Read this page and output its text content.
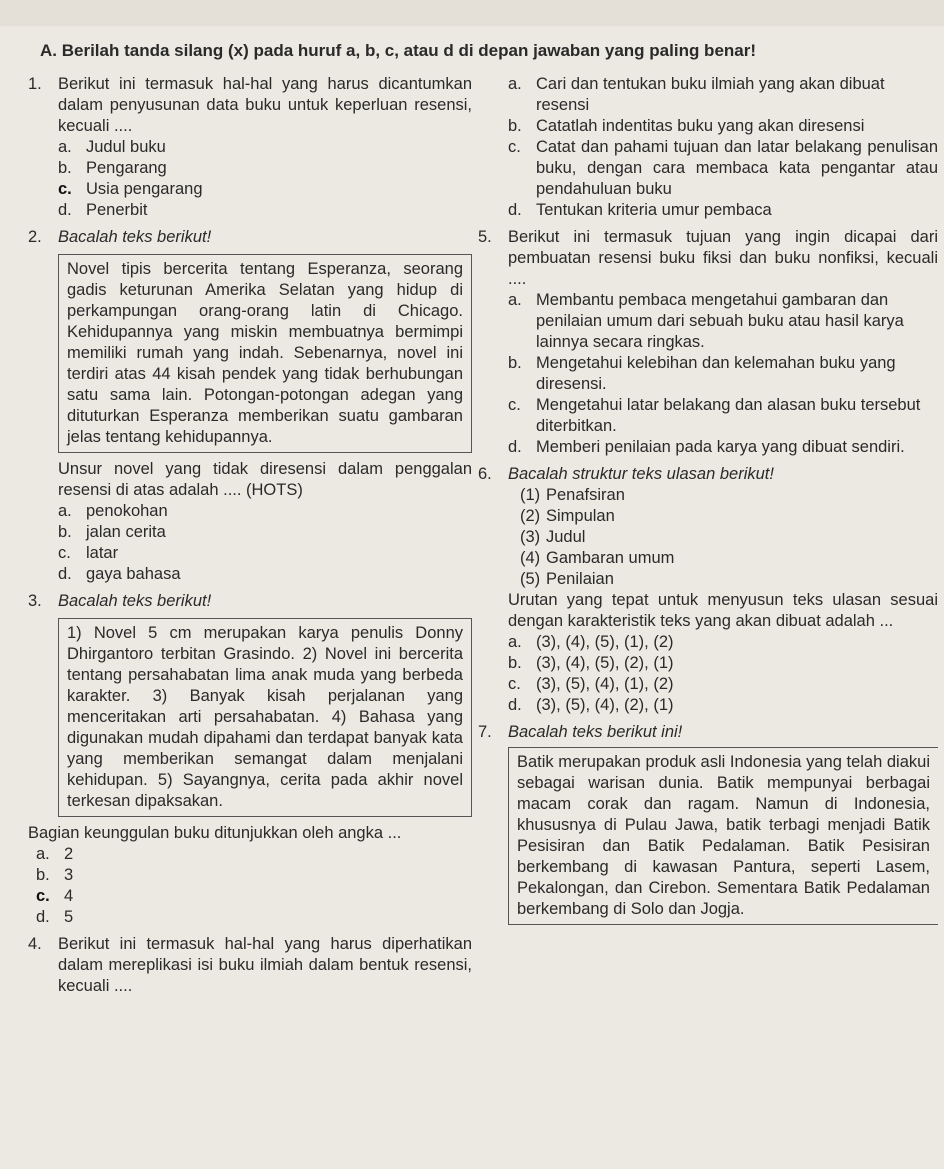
A. Berilah tanda silang (x) pada huruf a, b, c, atau d di depan jawaban yang paling benar!
1. Berikut ini termasuk hal-hal yang harus dicantumkan dalam penyusunan data buku untuk keperluan resensi, kecuali ....
a. Judul buku
b. Pengarang
c. Usia pengarang
d. Penerbit
2. Bacalah teks berikut!
Novel tipis bercerita tentang Esperanza, seorang gadis keturunan Amerika Selatan yang hidup di perkampungan orang-orang latin di Chicago. Kehidupannya yang miskin membuatnya bermimpi memiliki rumah yang indah. Sebenarnya, novel ini terdiri atas 44 kisah pendek yang tidak berhubungan satu sama lain. Potongan-potongan adegan yang dituturkan Esperanza memberikan suatu gambaran jelas tentang kehidupannya.
Unsur novel yang tidak diresensi dalam penggalan resensi di atas adalah .... (HOTS)
a. penokohan
b. jalan cerita
c. latar
d. gaya bahasa
3. Bacalah teks berikut!
1) Novel 5 cm merupakan karya penulis Donny Dhirgantoro terbitan Grasindo. 2) Novel ini bercerita tentang persahabatan lima anak muda yang berbeda karakter. 3) Banyak kisah perjalanan yang menceritakan arti persahabatan. 4) Bahasa yang digunakan mudah dipahami dan terdapat banyak kata yang memberikan semangat dalam menjalani kehidupan. 5) Sayangnya, cerita pada akhir novel terkesan dipaksakan.
Bagian keunggulan buku ditunjukkan oleh angka ...
a. 2
b. 3
c. 4
d. 5
4. Berikut ini termasuk hal-hal yang harus diperhatikan dalam mereplikasi isi buku ilmiah dalam bentuk resensi, kecuali ....
a. Cari dan tentukan buku ilmiah yang akan dibuat resensi
b. Catatlah indentitas buku yang akan diresensi
c. Catat dan pahami tujuan dan latar belakang penulisan buku, dengan cara membaca kata pengantar atau pendahuluan buku
d. Tentukan kriteria umur pembaca
5. Berikut ini termasuk tujuan yang ingin dicapai dari pembuatan resensi buku fiksi dan buku nonfiksi, kecuali ....
a. Membantu pembaca mengetahui gambaran dan penilaian umum dari sebuah buku atau hasil karya lainnya secara ringkas.
b. Mengetahui kelebihan dan kelemahan buku yang diresensi.
c. Mengetahui latar belakang dan alasan buku tersebut diterbitkan.
d. Memberi penilaian pada karya yang dibuat sendiri.
6. Bacalah struktur teks ulasan berikut!
(1) Penafsiran
(2) Simpulan
(3) Judul
(4) Gambaran umum
(5) Penilaian
Urutan yang tepat untuk menyusun teks ulasan sesuai dengan karakteristik teks yang akan dibuat adalah ...
a. (3), (4), (5), (1), (2)
b. (3), (4), (5), (2), (1)
c. (3), (5), (4), (1), (2)
d. (3), (5), (4), (2), (1)
7. Bacalah teks berikut ini!
Batik merupakan produk asli Indonesia yang telah diakui sebagai warisan dunia. Batik mempunyai berbagai macam corak dan ragam. Namun di Indonesia, khususnya di Pulau Jawa, batik terbagi menjadi Batik Pesisiran dan Batik Pedalaman. Batik Pesisiran berkembang di kawasan Pantura, seperti Lasem, Pekalongan, dan Cirebon. Sementara Batik Pedalaman berkembang di Solo dan Jogja.
